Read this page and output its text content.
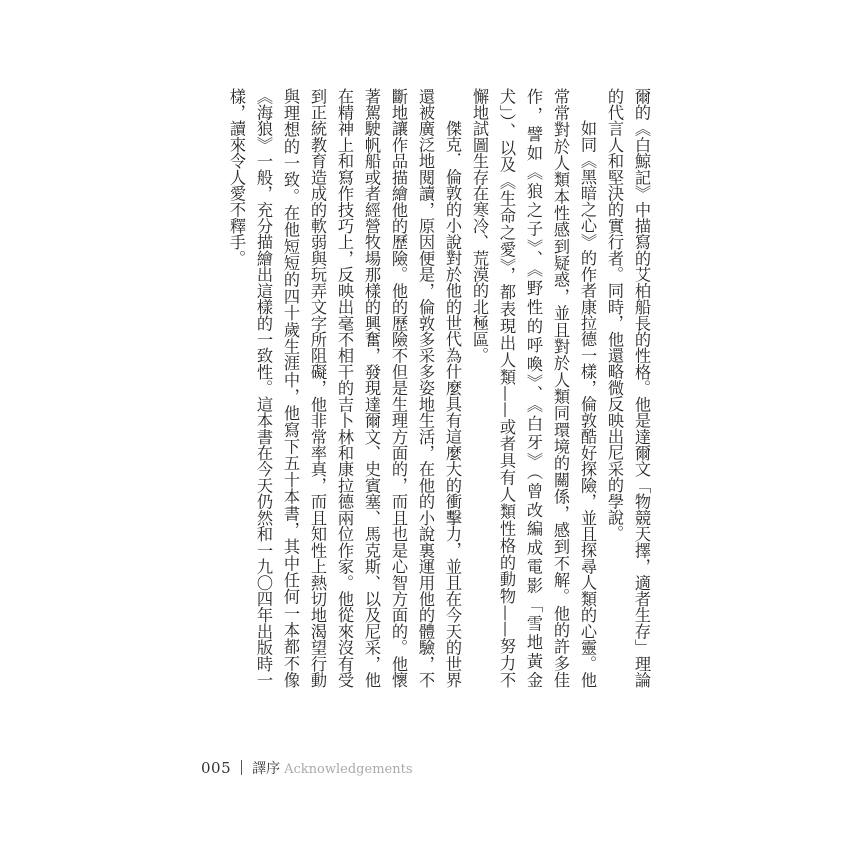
爾的《白鯨記》中描寫的艾柏船長的性格。他是達爾文「物競天擇，適者生存」理論
的代言人和堅決的實行者。同時，他還略微反映出尼采的學說。
如同《黑暗之心》的作者康拉德一樣，倫敦酷好探險，並且探尋人類的心靈。他
常常對於人類本性感到疑惑，並且對於人類同環境的關係，感到不解。他的許多佳
作，譬如《狼之子》、《野性的呼喚》、《白牙》（曾改編成電影「雪地黃金
犬」）、以及《生命之愛》，都表現出人類——或者具有人類性格的動物——努力不
懈地試圖生存在寒冷、荒漠的北極區。
傑克．倫敦的小說對於他的世代為什麼具有這麼大的衝擊力，並且在今天的世界
還被廣泛地閱讀，原因便是，倫敦多采多姿地生活，在他的小說裏運用他的體驗，不
斷地讓作品描繪他的歷險。他的歷險不但是生理方面的，而且也是心智方面的。他懷
著駕駛帆船或者經營牧場那樣的興奮，發現達爾文、史賓塞、馬克斯、以及尼采，他
在精神上和寫作技巧上，反映出毫不相干的吉卜林和康拉德兩位作家。他從來沒有受
到正統教育造成的軟弱與玩弄文字所阻礙，他非常率真，而且知性上熱切地渴望行動
與理想的一致。在他短短的四十歲生涯中，他寫下五十本書，其中任何一本都不像
《海狼》一般，充分描繪出這樣的一致性。這本書在今天仍然和一九〇四年出版時一
樣，讀來令人愛不釋手。
005 譯序 Acknowledgements
